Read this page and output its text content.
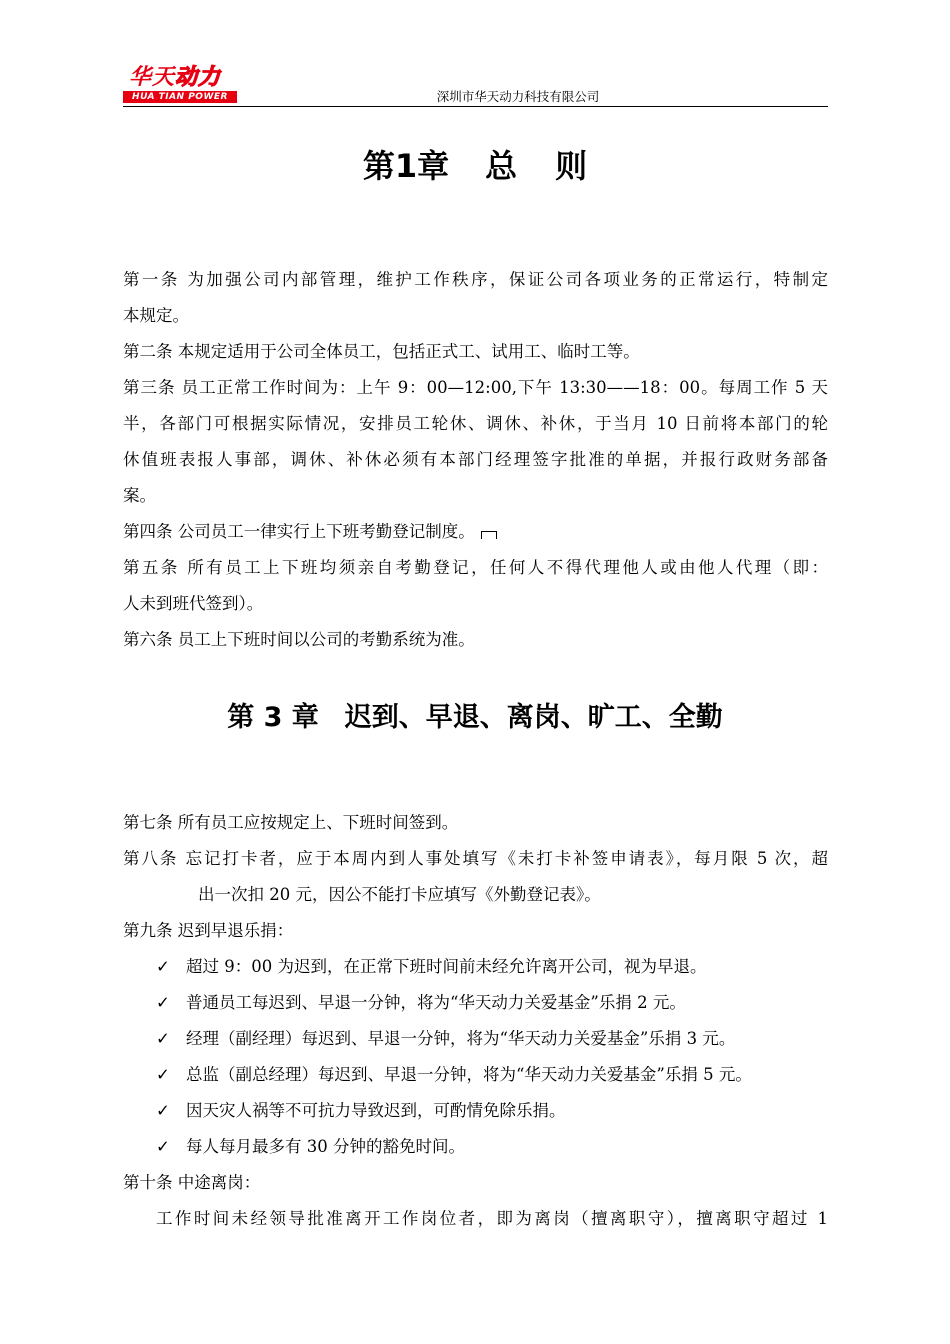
华天动力
HUA TIAN POWER	深圳市华天动力科技有限公司
第1章 总 则
第一条 为加强公司内部管理，维护工作秩序，保证公司各项业务的正常运行，特制定
本规定。
第二条 本规定适用于公司全体员工，包括正式工、试用工、临时工等。
第三条 员工正常工作时间为：上午 9：00—12:00,下午 13:30——18：00。每周工作 5 天
半，各部门可根据实际情况，安排员工轮休、调休、补休，于当月 10 日前将本部门的轮
休值班表报人事部，调休、补休必须有本部门经理签字批准的单据，并报行政财务部备
案。
第四条 公司员工一律实行上下班考勤登记制度。
第五条 所有员工上下班均须亲自考勤登记，任何人不得代理他人或由他人代理（即：
人未到班代签到）。
第六条 员工上下班时间以公司的考勤系统为准。
第 3 章 迟到、早退、离岗、旷工、全勤
第七条 所有员工应按规定上、下班时间签到。
第八条 忘记打卡者，应于本周内到人事处填写《未打卡补签申请表》，每月限 5 次，超
出一次扣 20 元，因公不能打卡应填写《外勤登记表》。
第九条 迟到早退乐捐：
✓ 超过 9：00 为迟到，在正常下班时间前未经允许离开公司，视为早退。
✓ 普通员工每迟到、早退一分钟，将为“华天动力关爱基金”乐捐 2 元。
✓ 经理（副经理）每迟到、早退一分钟，将为“华天动力关爱基金”乐捐 3 元。
✓ 总监（副总经理）每迟到、早退一分钟，将为“华天动力关爱基金”乐捐 5 元。
✓ 因天灾人祸等不可抗力导致迟到，可酌情免除乐捐。
✓ 每人每月最多有 30 分钟的豁免时间。
第十条 中途离岗：
工作时间未经领导批准离开工作岗位者，即为离岗（擅离职守），擅离职守超过 1
